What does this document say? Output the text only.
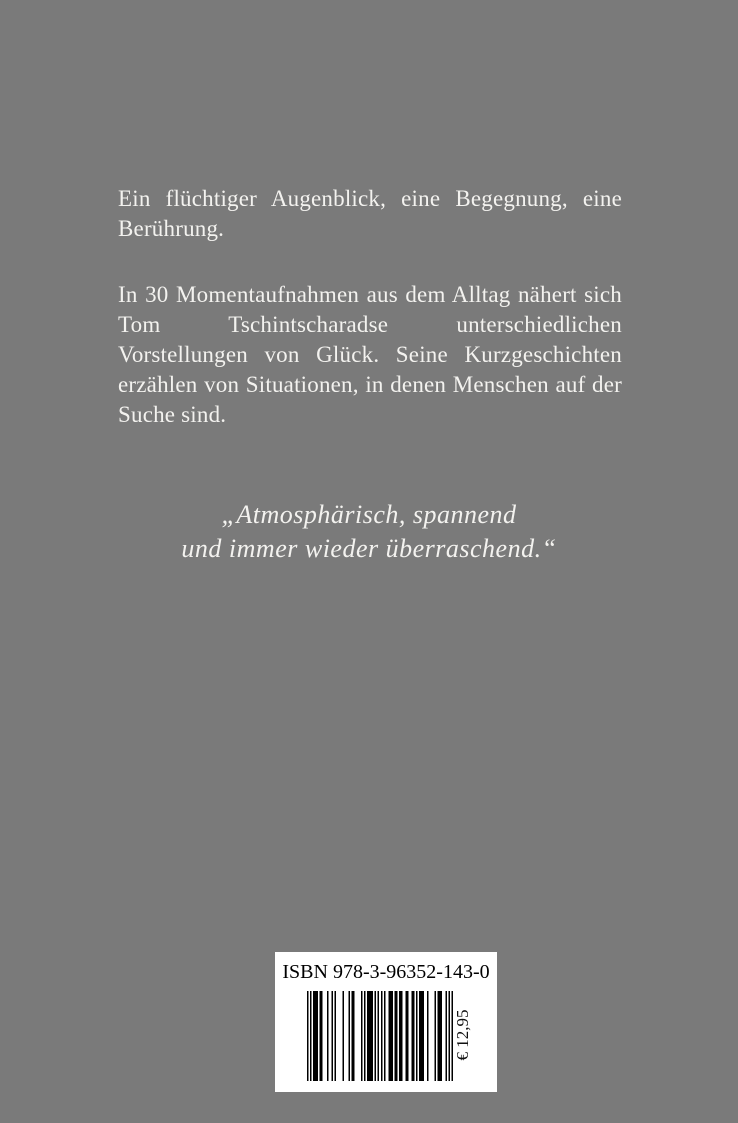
Ein flüchtiger Augenblick, eine Begegnung, eine Berührung.

In 30 Momentaufnahmen aus dem Alltag nähert sich Tom Tschintscharadse unterschiedlichen Vorstellungen von Glück. Seine Kurzgeschichten erzählen von Situationen, in denen Menschen auf der Suche sind.

„Atmosphärisch, spannend
und immer wieder überraschend.“
ISBN 978-3-96352-143-0
€ 12,95
